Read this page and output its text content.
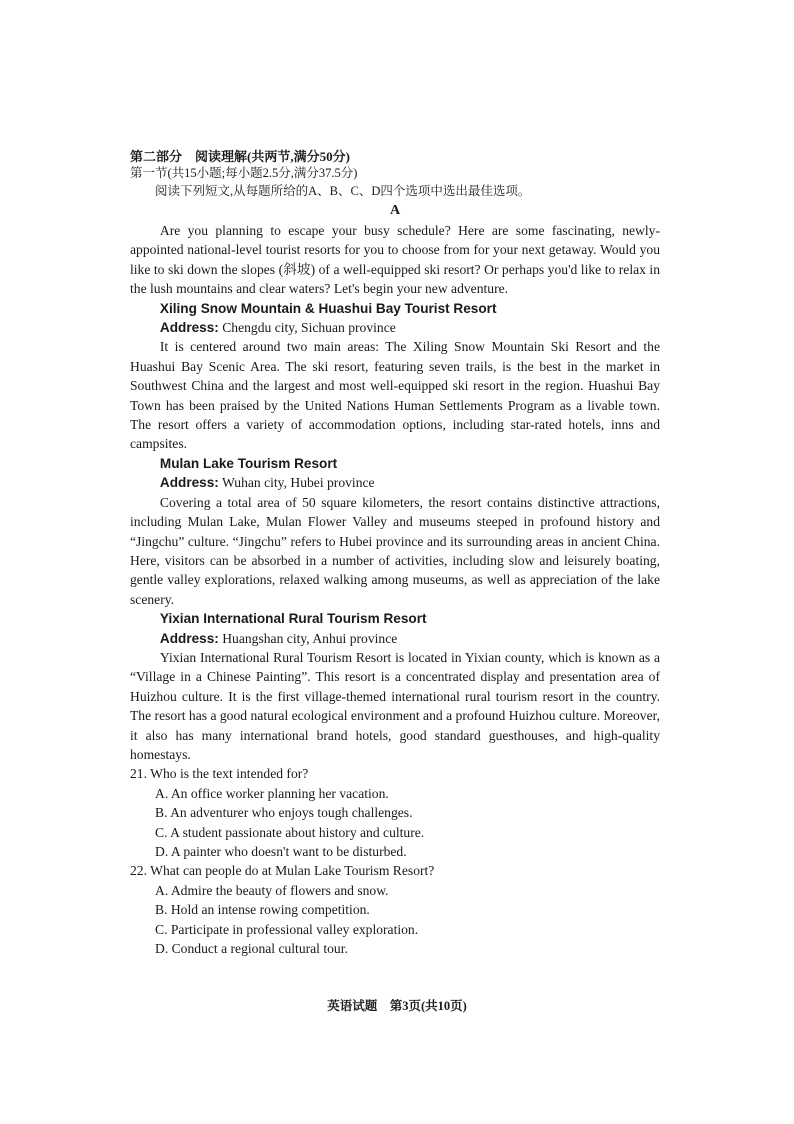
第二部分　阅读理解(共两节,满分50分)
第一节(共15小题;每小题2.5分,满分37.5分)
阅读下列短文,从每题所给的A、B、C、D四个选项中选出最佳选项。
A

Are you planning to escape your busy schedule? Here are some fascinating, newly-appointed national-level tourist resorts for you to choose from for your next getaway. Would you like to ski down the slopes (斜坡) of a well-equipped ski resort? Or perhaps you'd like to relax in the lush mountains and clear waters? Let's begin your new adventure.

Xiling Snow Mountain & Huashui Bay Tourist Resort
Address: Chengdu city, Sichuan province

It is centered around two main areas: The Xiling Snow Mountain Ski Resort and the Huashui Bay Scenic Area. The ski resort, featuring seven trails, is the best in the market in Southwest China and the largest and most well-equipped ski resort in the region. Huashui Bay Town has been praised by the United Nations Human Settlements Program as a livable town. The resort offers a variety of accommodation options, including star-rated hotels, inns and campsites.

Mulan Lake Tourism Resort
Address: Wuhan city, Hubei province

Covering a total area of 50 square kilometers, the resort contains distinctive attractions, including Mulan Lake, Mulan Flower Valley and museums steeped in profound history and “Jingchu” culture. “Jingchu” refers to Hubei province and its surrounding areas in ancient China. Here, visitors can be absorbed in a number of activities, including slow and leisurely boating, gentle valley explorations, relaxed walking among museums, as well as appreciation of the lake scenery.

Yixian International Rural Tourism Resort
Address: Huangshan city, Anhui province

Yixian International Rural Tourism Resort is located in Yixian county, which is known as a “Village in a Chinese Painting”. This resort is a concentrated display and presentation area of Huizhou culture. It is the first village-themed international rural tourism resort in the country. The resort has a good natural ecological environment and a profound Huizhou culture. Moreover, it also has many international brand hotels, good standard guesthouses, and high-quality homestays.

21. Who is the text intended for?
A. An office worker planning her vacation.
B. An adventurer who enjoys tough challenges.
C. A student passionate about history and culture.
D. A painter who doesn't want to be disturbed.
22. What can people do at Mulan Lake Tourism Resort?
A. Admire the beauty of flowers and snow.
B. Hold an intense rowing competition.
C. Participate in professional valley exploration.
D. Conduct a regional cultural tour.
英语试题　第3页(共10页)
